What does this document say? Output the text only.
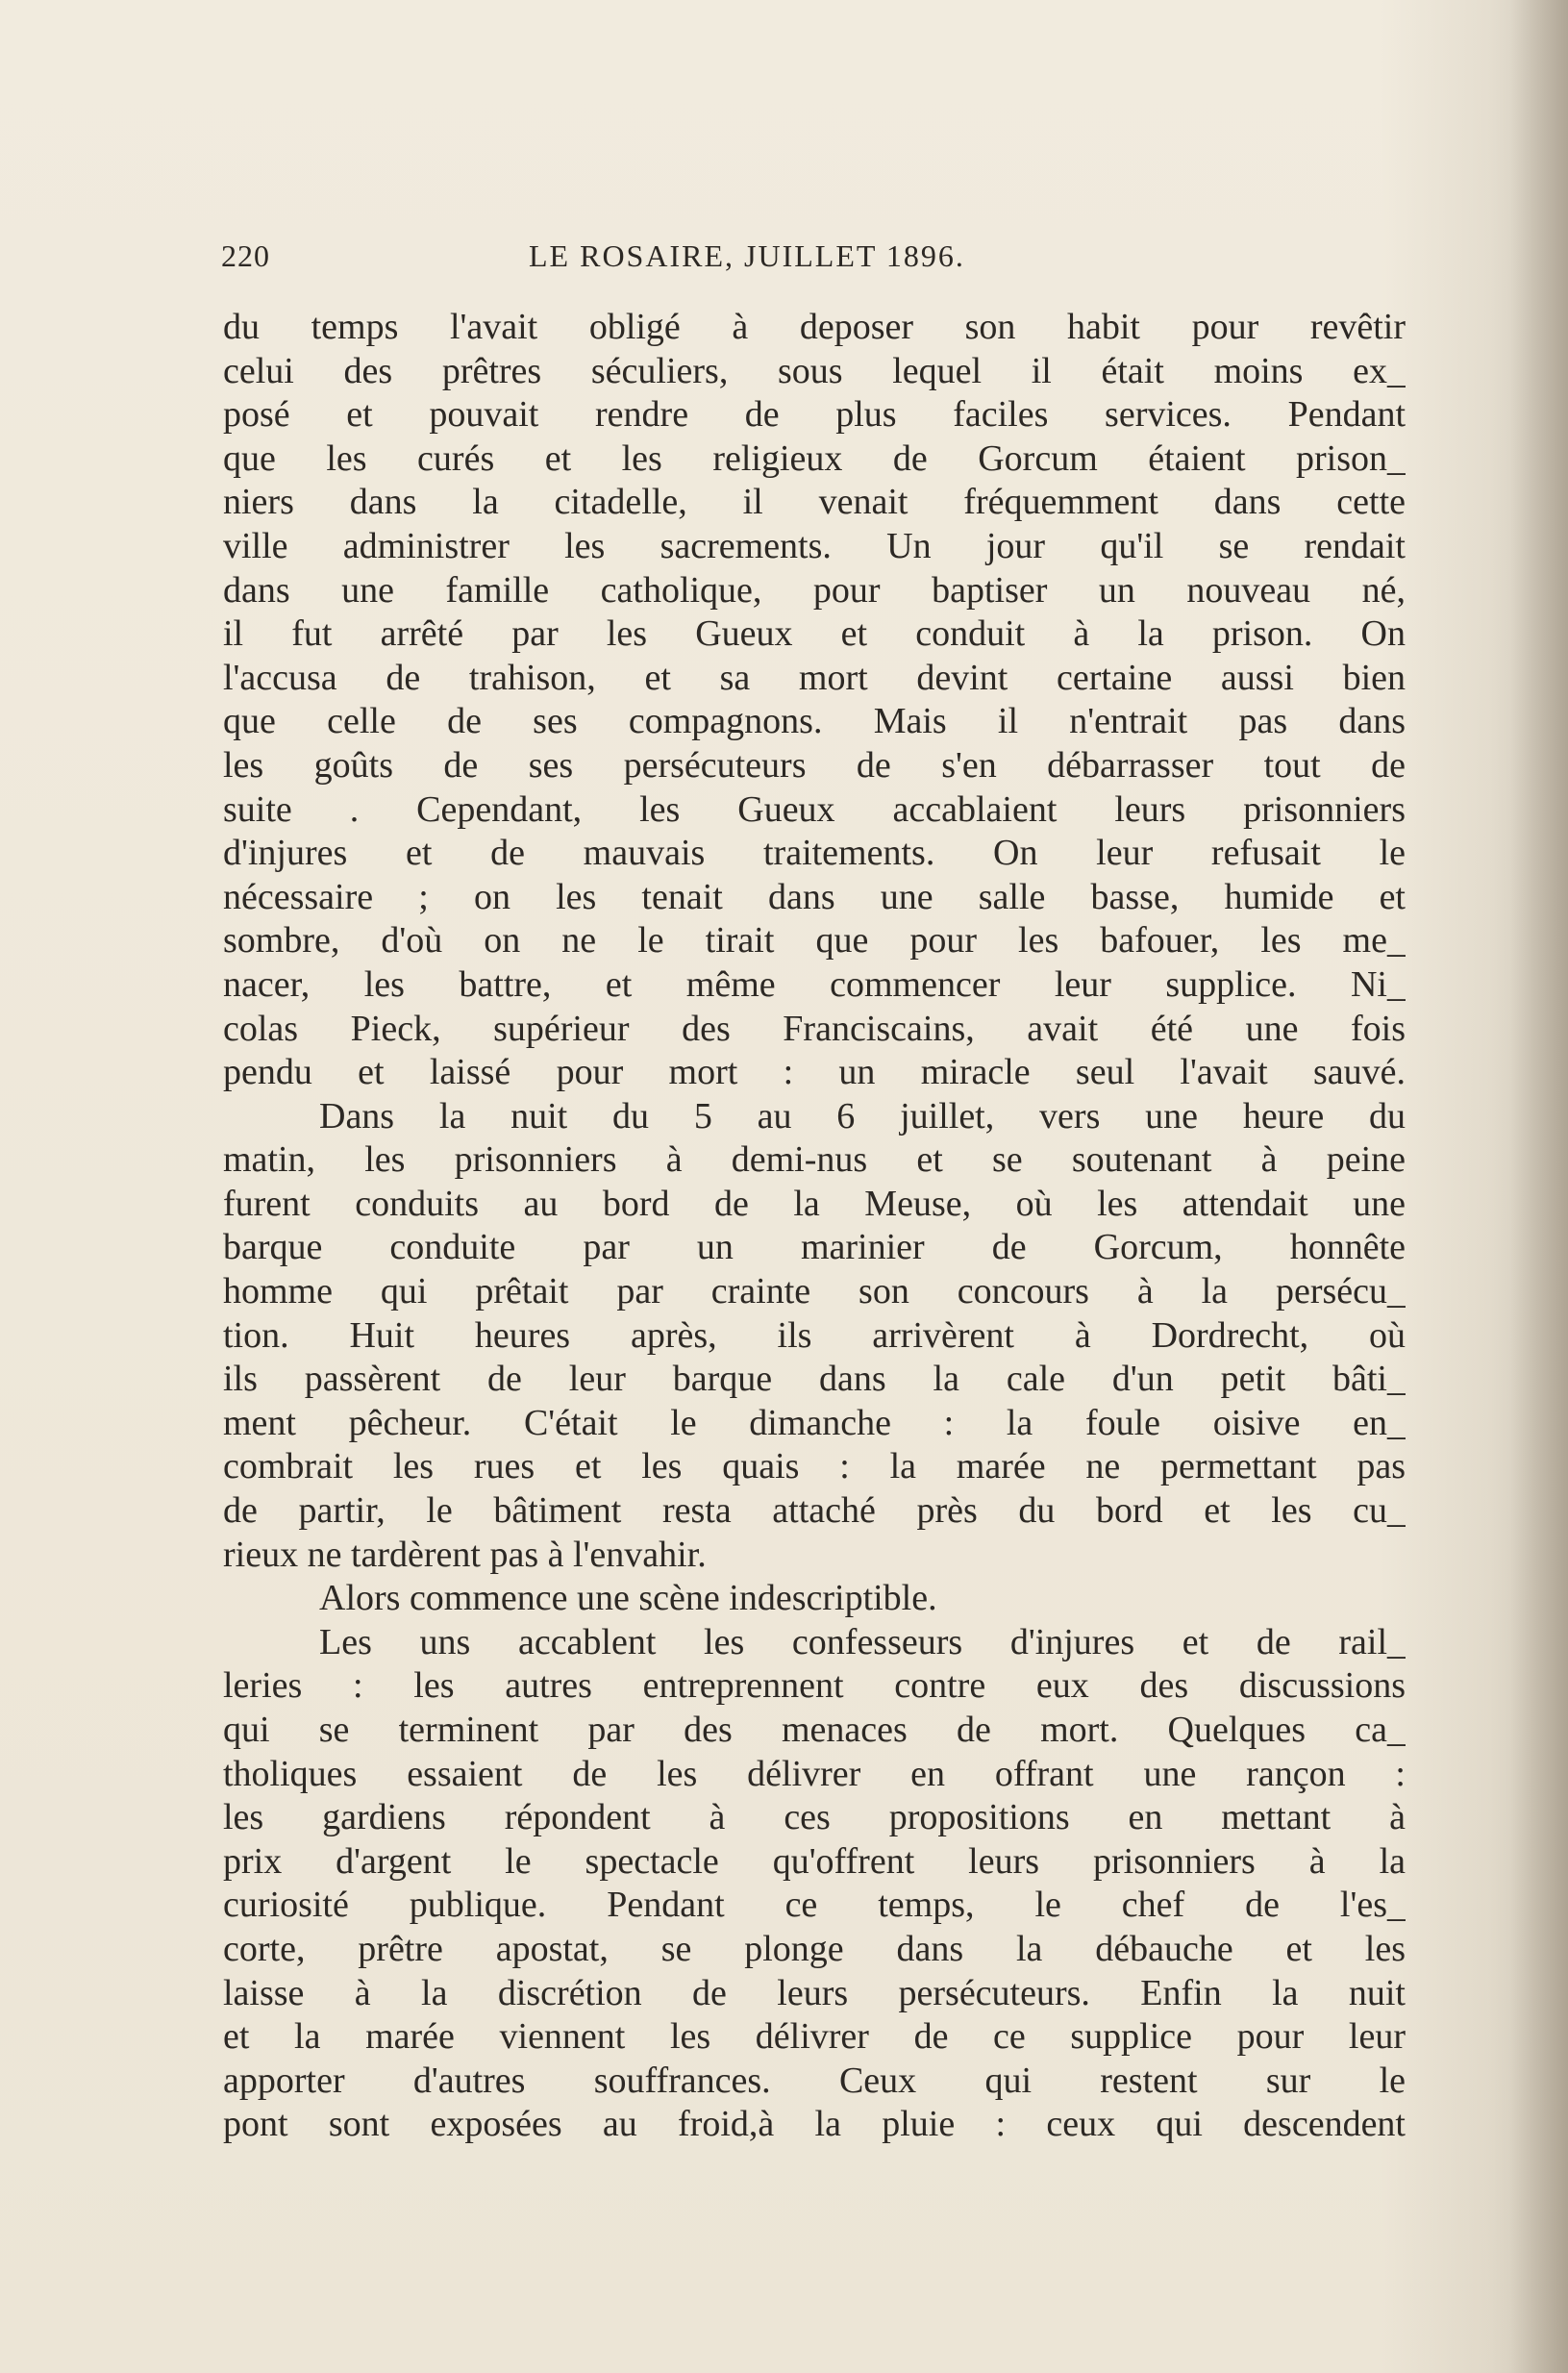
220	LE ROSAIRE, JUILLET 1896.
du temps l'avait obligé à deposer son habit pour revêtir
celui des prêtres séculiers, sous lequel il était moins ex_
posé et pouvait rendre de plus faciles services. Pendant
que les curés et les religieux de Gorcum étaient prison_
niers dans la citadelle, il venait fréquemment dans cette
ville administrer les sacrements. Un jour qu'il se rendait
dans une famille catholique, pour baptiser un nouveau né,
il fut arrêté par les Gueux et conduit à la prison. On
l'accusa de trahison, et sa mort devint certaine aussi bien
que celle de ses compagnons. Mais il n'entrait pas dans
les goûts de ses persécuteurs de s'en débarrasser tout de
suite . Cependant, les Gueux accablaient leurs prisonniers
d'injures et de mauvais traitements. On leur refusait le
nécessaire ; on les tenait dans une salle basse, humide et
sombre, d'où on ne le tirait que pour les bafouer, les me_
nacer, les battre, et même commencer leur supplice. Ni_
colas Pieck, supérieur des Franciscains, avait été une fois
pendu et laissé pour mort : un miracle seul l'avait sauvé.
Dans la nuit du 5 au 6 juillet, vers une heure du
matin, les prisonniers à demi-nus et se soutenant à peine
furent conduits au bord de la Meuse, où les attendait une
barque conduite par un marinier de Gorcum, honnête
homme qui prêtait par crainte son concours à la persécu_
tion. Huit heures après, ils arrivèrent à Dordrecht, où
ils passèrent de leur barque dans la cale d'un petit bâti_
ment pêcheur. C'était le dimanche : la foule oisive en_
combrait les rues et les quais : la marée ne permettant pas
de partir, le bâtiment resta attaché près du bord et les cu_
rieux ne tardèrent pas à l'envahir.
Alors commence une scène indescriptible.
Les uns accablent les confesseurs d'injures et de rail_
leries : les autres entreprennent contre eux des discussions
qui se terminent par des menaces de mort. Quelques ca_
tholiques essaient de les délivrer en offrant une rançon :
les gardiens répondent à ces propositions en mettant à
prix d'argent le spectacle qu'offrent leurs prisonniers à la
curiosité publique. Pendant ce temps, le chef de l'es_
corte, prêtre apostat, se plonge dans la débauche et les
laisse à la discrétion de leurs persécuteurs. Enfin la nuit
et la marée viennent les délivrer de ce supplice pour leur
apporter d'autres souffrances. Ceux qui restent sur le
pont sont exposées au froid,à la pluie : ceux qui descendent
